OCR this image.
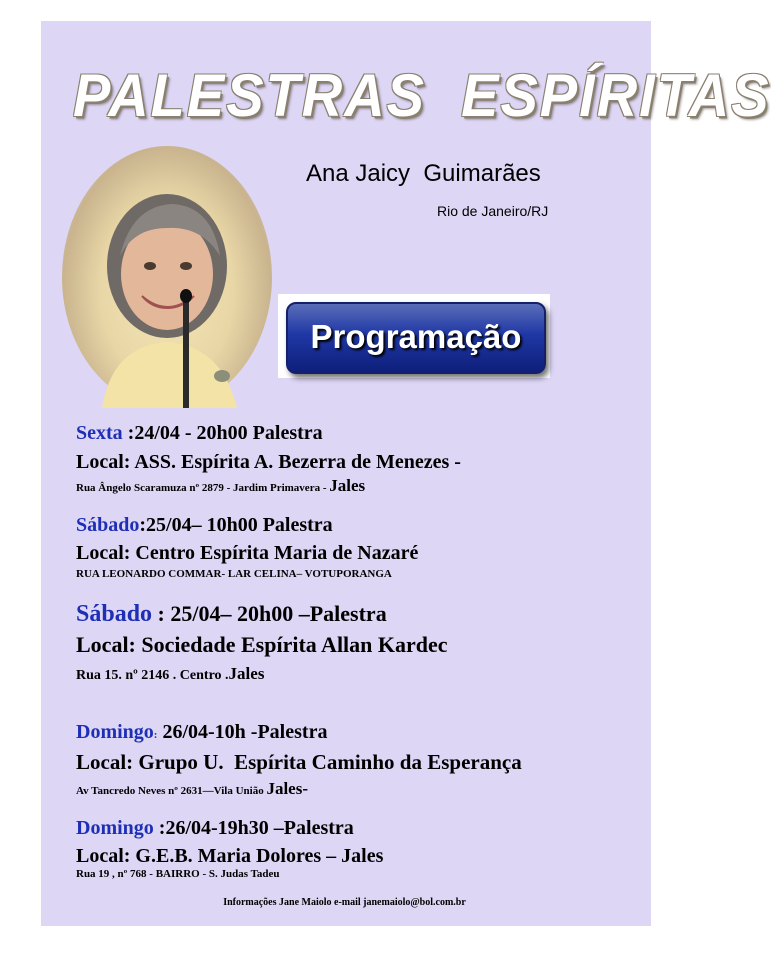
PALESTRAS  ESPÍRITAS
Ana Jaicy  Guimarães
Rio de Janeiro/RJ
Programação
Sexta :24/04 - 20h00 Palestra
Local: ASS. Espírita A. Bezerra de Menezes -
Rua Ângelo Scaramuza nº 2879 - Jardim Primavera - Jales
Sábado:25/04– 10h00 Palestra
Local: Centro Espírita Maria de Nazaré
RUA LEONARDO COMMAR- LAR CELINA– VOTUPORANGA
Sábado : 25/04– 20h00 –Palestra
Local: Sociedade Espírita Allan Kardec
Rua 15. nº 2146 . Centro .Jales
Domingo: 26/04-10h -Palestra
Local: Grupo U.  Espírita Caminho da Esperança
Av Tancredo Neves nº 2631—Vila União Jales-
Domingo :26/04-19h30 –Palestra
Local: G.E.B. Maria Dolores – Jales
Rua 19 , nº 768 - BAIRRO - S. Judas Tadeu
Informações Jane Maiolo e-mail janemaiolo@bol.com.br
